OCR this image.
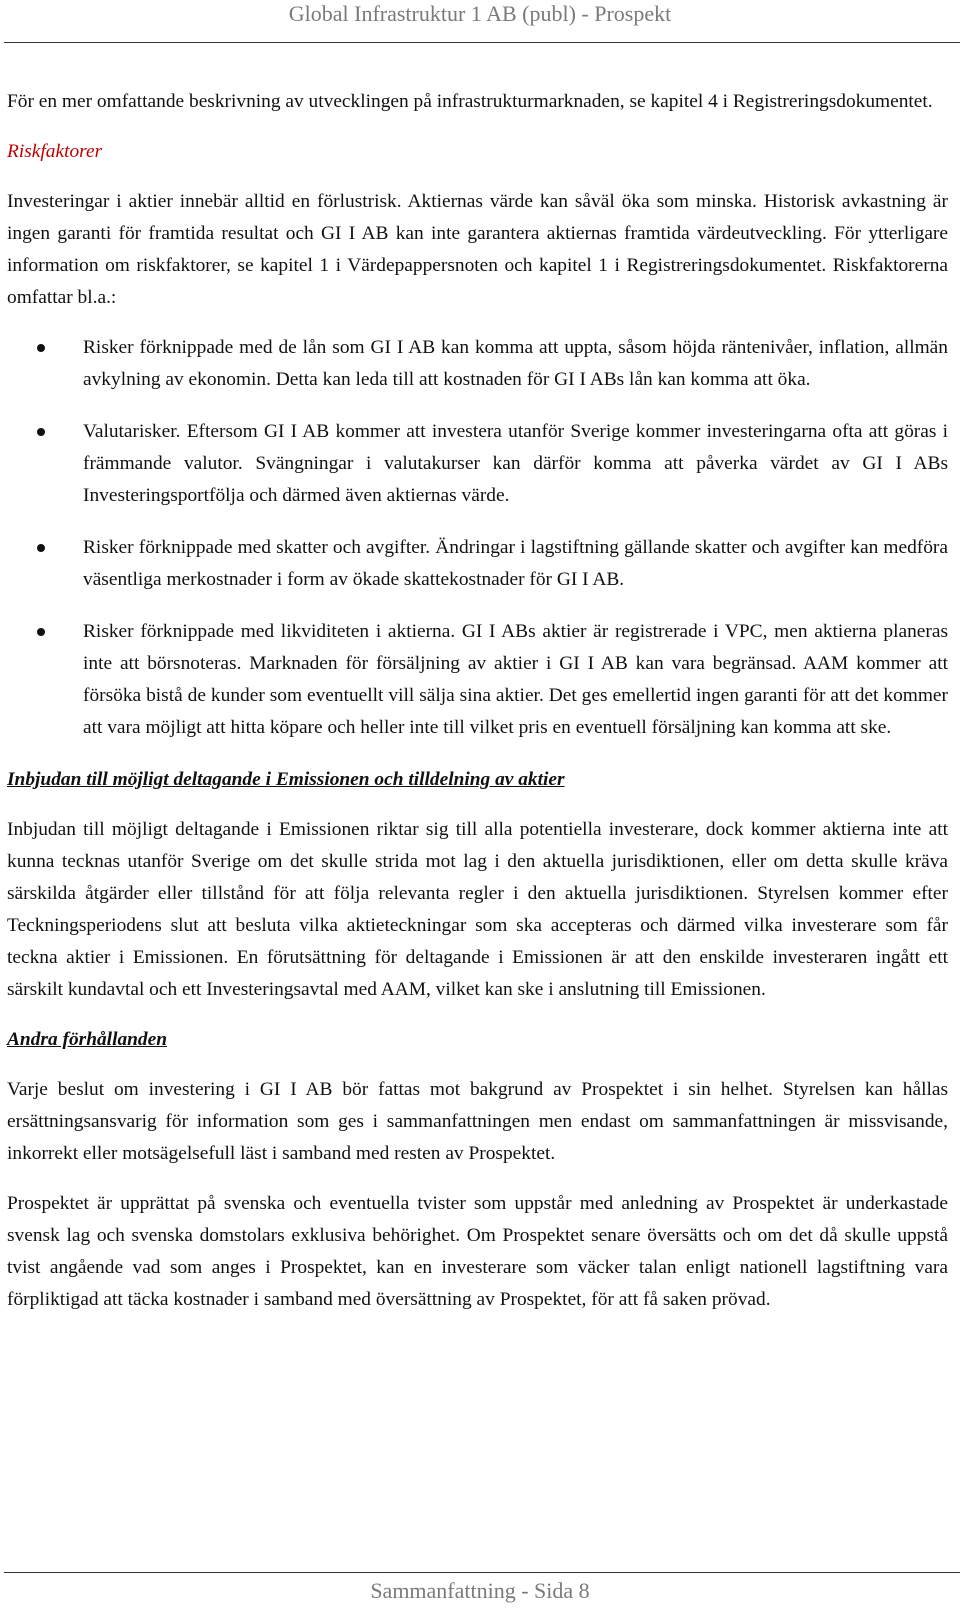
Global Infrastruktur 1 AB (publ) - Prospekt

För en mer omfattande beskrivning av utvecklingen på infrastrukturmarknaden, se kapitel 4 i Registreringsdokumentet.

Riskfaktorer

Investeringar i aktier innebär alltid en förlustrisk. Aktiernas värde kan såväl öka som minska. Historisk avkastning är ingen garanti för framtida resultat och GI I AB kan inte garantera aktiernas framtida värdeutveckling. För ytterligare information om riskfaktorer, se kapitel 1 i Värdepappersnoten och kapitel 1 i Registreringsdokumentet. Riskfaktorerna omfattar bl.a.:

Risker förknippade med de lån som GI I AB kan komma att uppta, såsom höjda räntenivåer, inflation, allmän avkylning av ekonomin. Detta kan leda till att kostnaden för GI I ABs lån kan komma att öka.
Valutarisker. Eftersom GI I AB kommer att investera utanför Sverige kommer investeringarna ofta att göras i främmande valutor. Svängningar i valutakurser kan därför komma att påverka värdet av GI I ABs Investeringsportfölja och därmed även aktiernas värde.
Risker förknippade med skatter och avgifter. Ändringar i lagstiftning gällande skatter och avgifter kan medföra väsentliga merkostnader i form av ökade skattekostnader för GI I AB.
Risker förknippade med likviditeten i aktierna. GI I ABs aktier är registrerade i VPC, men aktierna planeras inte att börsnoteras. Marknaden för försäljning av aktier i GI I AB kan vara begränsad. AAM kommer att försöka bistå de kunder som eventuellt vill sälja sina aktier. Det ges emellertid ingen garanti för att det kommer att vara möjligt att hitta köpare och heller inte till vilket pris en eventuell försäljning kan komma att ske.
Inbjudan till möjligt deltagande i Emissionen och tilldelning av aktier

Inbjudan till möjligt deltagande i Emissionen riktar sig till alla potentiella investerare, dock kommer aktierna inte att kunna tecknas utanför Sverige om det skulle strida mot lag i den aktuella jurisdiktionen, eller om detta skulle kräva särskilda åtgärder eller tillstånd för att följa relevanta regler i den aktuella jurisdiktionen. Styrelsen kommer efter Teckningsperiodens slut att besluta vilka aktieteckningar som ska accepteras och därmed vilka investerare som får teckna aktier i Emissionen. En förutsättning för deltagande i Emissionen är att den enskilde investeraren ingått ett särskilt kundavtal och ett Investeringsavtal med AAM, vilket kan ske i anslutning till Emissionen.

Andra förhållanden

Varje beslut om investering i GI I AB bör fattas mot bakgrund av Prospektet i sin helhet. Styrelsen kan hållas ersättningsansvarig för information som ges i sammanfattningen men endast om sammanfattningen är missvisande, inkorrekt eller motsägelsefull läst i samband med resten av Prospektet.

Prospektet är upprättat på svenska och eventuella tvister som uppstår med anledning av Prospektet är underkastade svensk lag och svenska domstolars exklusiva behörighet. Om Prospektet senare översätts och om det då skulle uppstå tvist angående vad som anges i Prospektet, kan en investerare som väcker talan enligt nationell lagstiftning vara förpliktigad att täcka kostnader i samband med översättning av Prospektet, för att få saken prövad.

Sammanfattning - Sida 8
